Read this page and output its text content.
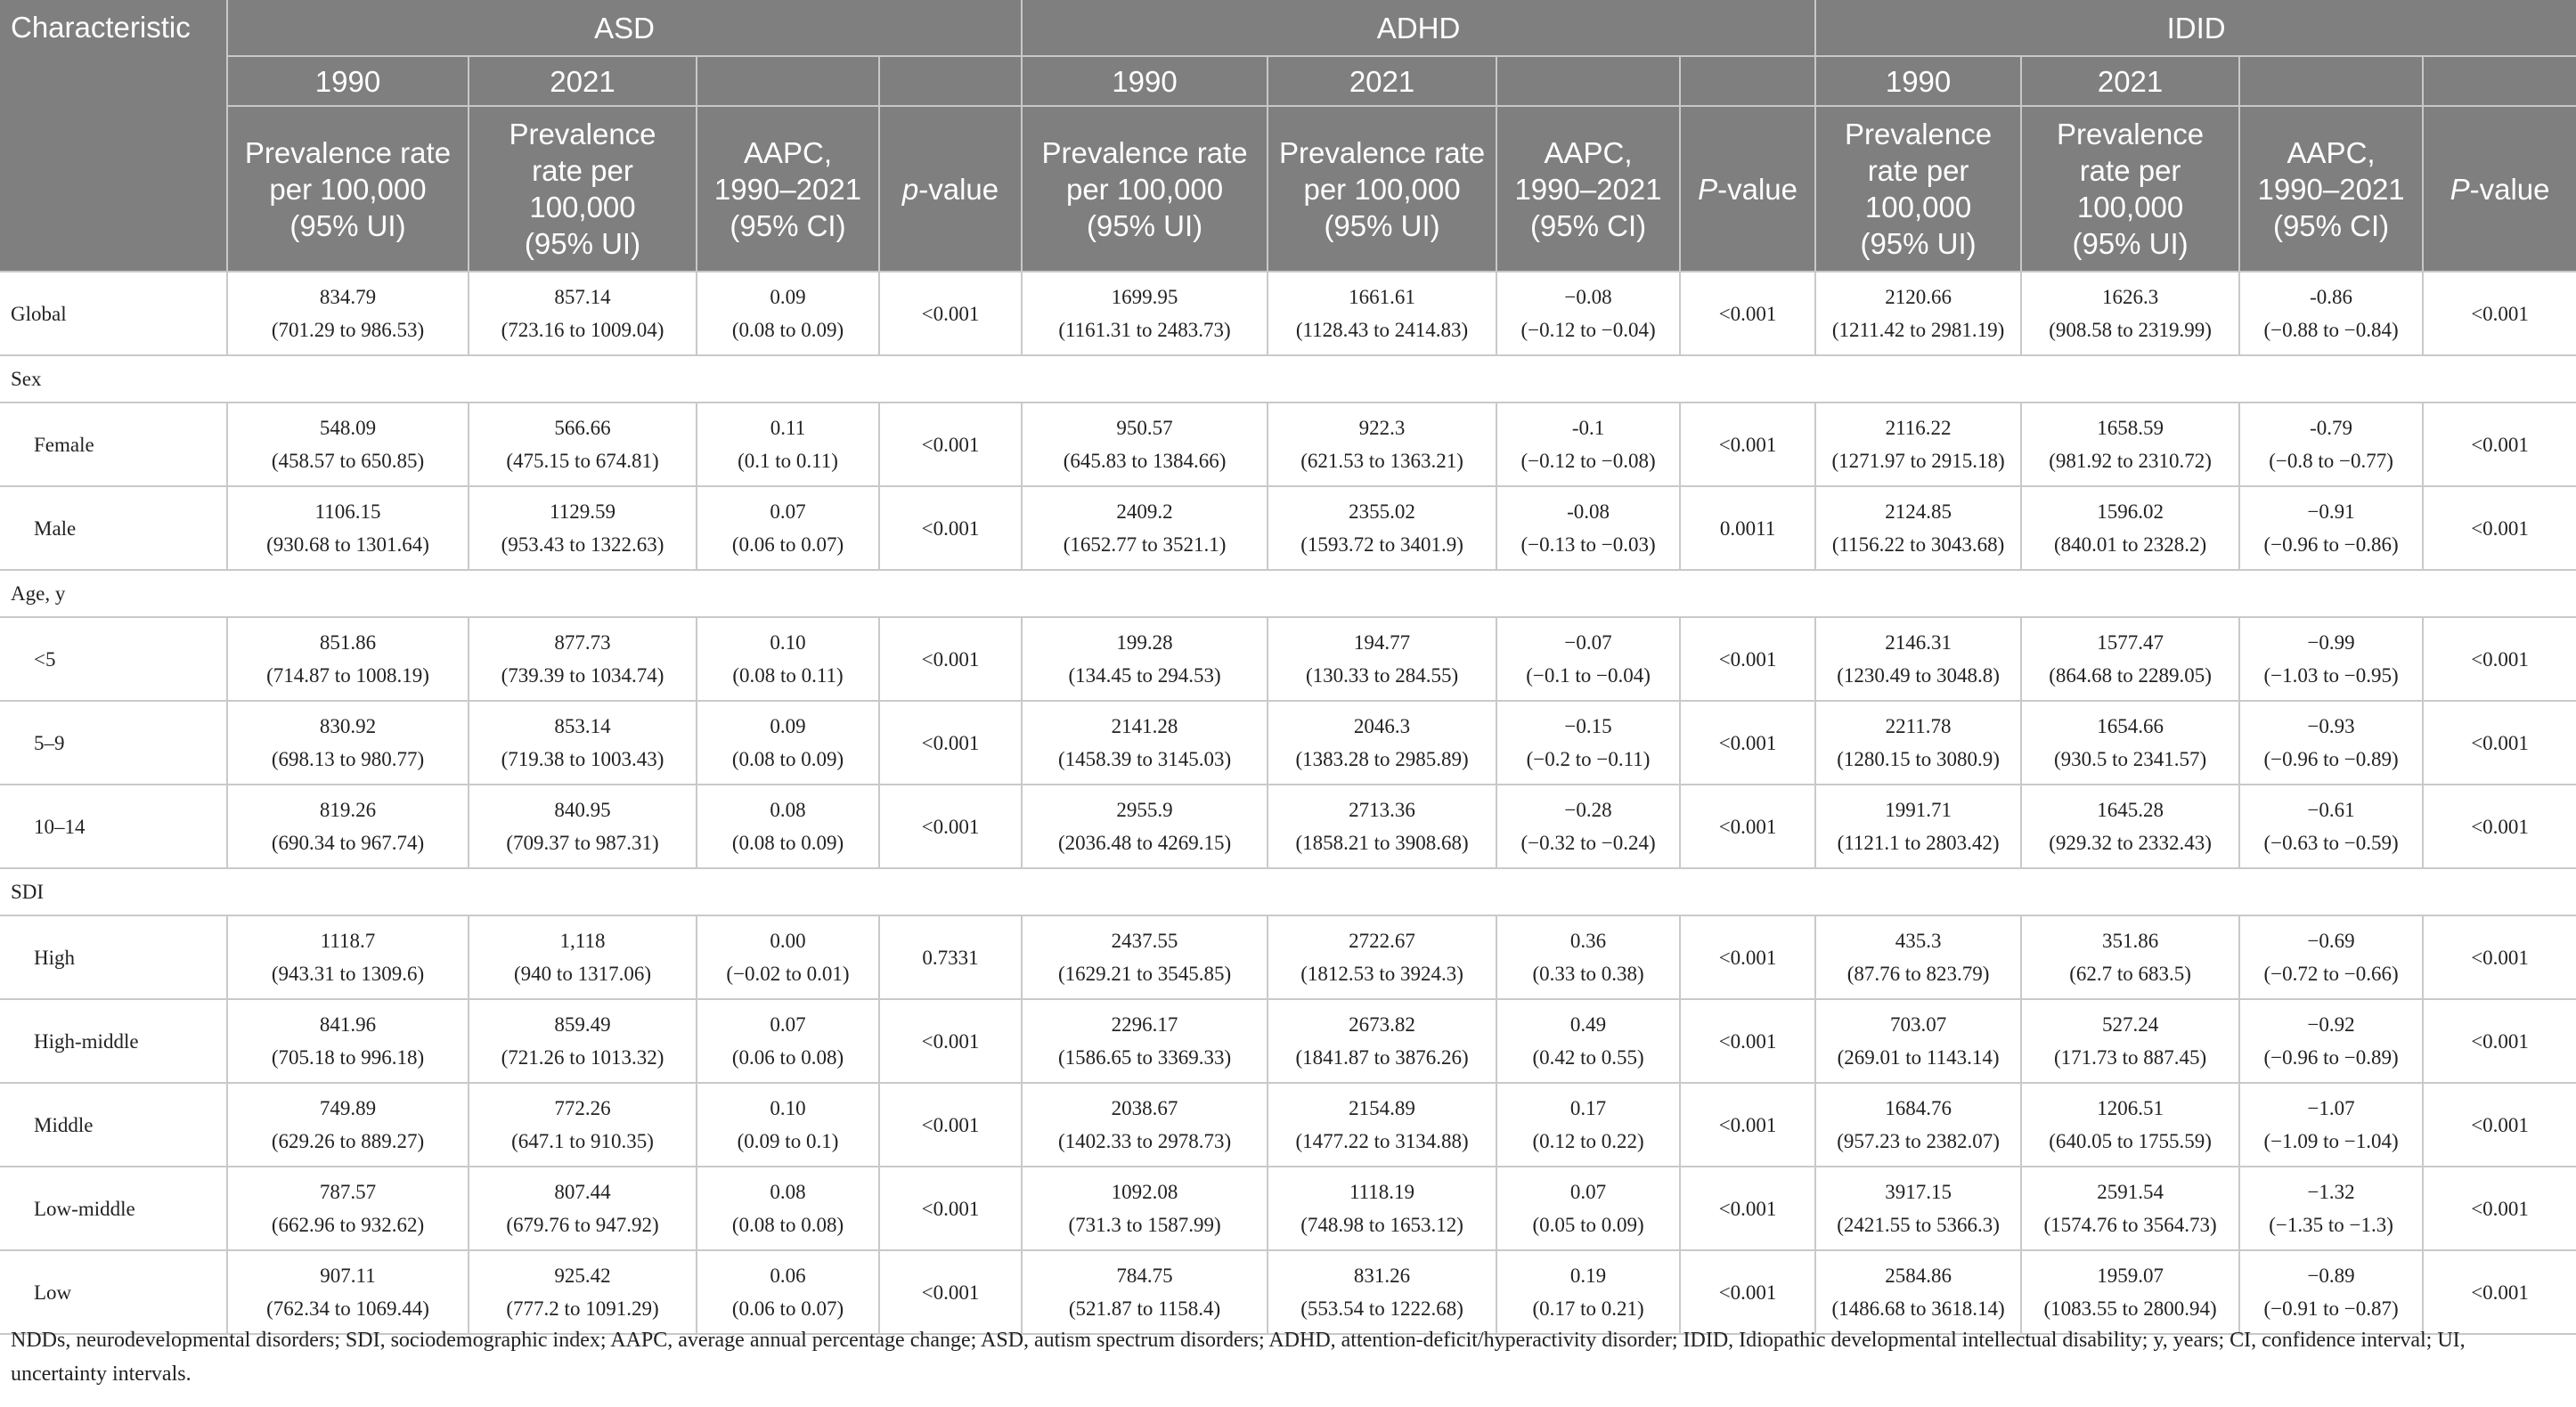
Characteristic	ASD				ADHD				IDID			
	1990	2021			1990	2021			1990	2021		

	Prevalence rate
per 100,000
(95% UI)	Prevalence
rate per
100,000
(95% UI)	AAPC,
1990–2021
(95% CI)	p-value	Prevalence rate
per 100,000
(95% UI)	Prevalence rate
per 100,000
(95% UI)	AAPC,
1990–2021
(95% CI)	P-value	Prevalence
rate per
100,000
(95% UI)	Prevalence
rate per
100,000
(95% UI)	AAPC,
1990–2021
(95% CI)	P-value
Global	834.79
(701.29 to 986.53)	857.14
(723.16 to 1009.04)	0.09
(0.08 to 0.09)	<0.001	1699.95
(1161.31 to 2483.73)	1661.61
(1128.43 to 2414.83)	−0.08
(−0.12 to −0.04)	<0.001	2120.66
(1211.42 to 2981.19)	1626.3
(908.58 to 2319.99)	-0.86
(−0.88 to −0.84)	<0.001

Sex												
Female	548.09
(458.57 to 650.85)	566.66
(475.15 to 674.81)	0.11
(0.1 to 0.11)	<0.001	950.57
(645.83 to 1384.66)	922.3
(621.53 to 1363.21)	-0.1
(−0.12 to −0.08)	<0.001	2116.22
(1271.97 to 2915.18)	1658.59
(981.92 to 2310.72)	-0.79
(−0.8 to −0.77)	<0.001

Male	1106.15
(930.68 to 1301.64)	1129.59
(953.43 to 1322.63)	0.07
(0.06 to 0.07)	<0.001	2409.2
(1652.77 to 3521.1)	2355.02
(1593.72 to 3401.9)	-0.08
(−0.13 to −0.03)	0.0011	2124.85
(1156.22 to 3043.68)	1596.02
(840.01 to 2328.2)	−0.91
(−0.96 to −0.86)	<0.001

Age, y												
<5	851.86
(714.87 to 1008.19)	877.73
(739.39 to 1034.74)	0.10
(0.08 to 0.11)	<0.001	199.28
(134.45 to 294.53)	194.77
(130.33 to 284.55)	−0.07
(−0.1 to −0.04)	<0.001	2146.31
(1230.49 to 3048.8)	1577.47
(864.68 to 2289.05)	−0.99
(−1.03 to −0.95)	<0.001

5–9	830.92
(698.13 to 980.77)	853.14
(719.38 to 1003.43)	0.09
(0.08 to 0.09)	<0.001	2141.28
(1458.39 to 3145.03)	2046.3
(1383.28 to 2985.89)	−0.15
(−0.2 to −0.11)	<0.001	2211.78
(1280.15 to 3080.9)	1654.66
(930.5 to 2341.57)	−0.93
(−0.96 to −0.89)	<0.001

10–14	819.26
(690.34 to 967.74)	840.95
(709.37 to 987.31)	0.08
(0.08 to 0.09)	<0.001	2955.9
(2036.48 to 4269.15)	2713.36
(1858.21 to 3908.68)	−0.28
(−0.32 to −0.24)	<0.001	1991.71
(1121.1 to 2803.42)	1645.28
(929.32 to 2332.43)	−0.61
(−0.63 to −0.59)	<0.001

SDI												
High	1118.7
(943.31 to 1309.6)	1,118
(940 to 1317.06)	0.00
(−0.02 to 0.01)	0.7331	2437.55
(1629.21 to 3545.85)	2722.67
(1812.53 to 3924.3)	0.36
(0.33 to 0.38)	<0.001	435.3
(87.76 to 823.79)	351.86
(62.7 to 683.5)	−0.69
(−0.72 to −0.66)	<0.001

High-middle	841.96
(705.18 to 996.18)	859.49
(721.26 to 1013.32)	0.07
(0.06 to 0.08)	<0.001	2296.17
(1586.65 to 3369.33)	2673.82
(1841.87 to 3876.26)	0.49
(0.42 to 0.55)	<0.001	703.07
(269.01 to 1143.14)	527.24
(171.73 to 887.45)	−0.92
(−0.96 to −0.89)	<0.001

Middle	749.89
(629.26 to 889.27)	772.26
(647.1 to 910.35)	0.10
(0.09 to 0.1)	<0.001	2038.67
(1402.33 to 2978.73)	2154.89
(1477.22 to 3134.88)	0.17
(0.12 to 0.22)	<0.001	1684.76
(957.23 to 2382.07)	1206.51
(640.05 to 1755.59)	−1.07
(−1.09 to −1.04)	<0.001

Low-middle	787.57
(662.96 to 932.62)	807.44
(679.76 to 947.92)	0.08
(0.08 to 0.08)	<0.001	1092.08
(731.3 to 1587.99)	1118.19
(748.98 to 1653.12)	0.07
(0.05 to 0.09)	<0.001	3917.15
(2421.55 to 5366.3)	2591.54
(1574.76 to 3564.73)	−1.32
(−1.35 to −1.3)	<0.001

Low	907.11
(762.34 to 1069.44)	925.42
(777.2 to 1091.29)	0.06
(0.06 to 0.07)	<0.001	784.75
(521.87 to 1158.4)	831.26
(553.54 to 1222.68)	0.19
(0.17 to 0.21)	<0.001	2584.86
(1486.68 to 3618.14)	1959.07
(1083.55 to 2800.94)	−0.89
(−0.91 to −0.87)	<0.001
NDDs, neurodevelopmental disorders; SDI, sociodemographic index; AAPC, average annual percentage change; ASD, autism spectrum disorders; ADHD, attention-deficit/hyperactivity disorder; IDID, Idiopathic developmental intellectual disability; y, years; CI, confidence interval; UI, uncertainty intervals.
